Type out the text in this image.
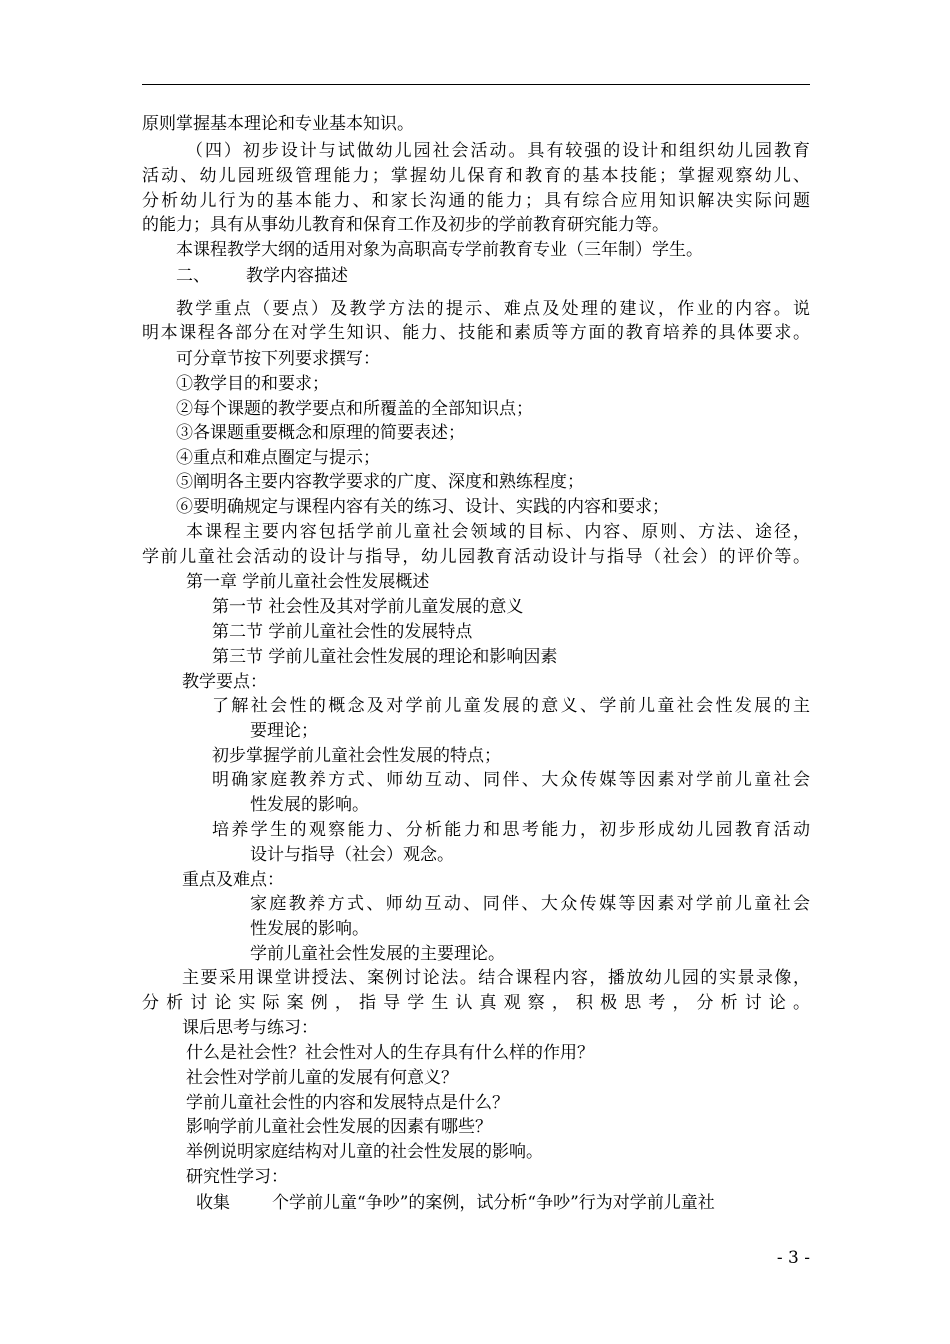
原则掌握基本理论和专业基本知识。
（四）初步设计与试做幼儿园社会活动。具有较强的设计和组织幼儿园教育
活动、幼儿园班级管理能力；掌握幼儿保育和教育的基本技能；掌握观察幼儿、
分析幼儿行为的基本能力、和家长沟通的能力；具有综合应用知识解决实际问题
的能力；具有从事幼儿教育和保育工作及初步的学前教育研究能力等。
本课程教学大纲的适用对象为高职高专学前教育专业（三年制）学生。
二、 教学内容描述
教学重点（要点）及教学方法的提示、难点及处理的建议，作业的内容。说
明本课程各部分在对学生知识、能力、技能和素质等方面的教育培养的具体要求。
可分章节按下列要求撰写：
①教学目的和要求；
②每个课题的教学要点和所覆盖的全部知识点；
③各课题重要概念和原理的简要表述；
④重点和难点圈定与提示；
⑤阐明各主要内容教学要求的广度、深度和熟练程度；
⑥要明确规定与课程内容有关的练习、设计、实践的内容和要求；
本课程主要内容包括学前儿童社会领域的目标、内容、原则、方法、途径，
学前儿童社会活动的设计与指导，幼儿园教育活动设计与指导（社会）的评价等。
第一章 学前儿童社会性发展概述
第一节 社会性及其对学前儿童发展的意义
第二节 学前儿童社会性的发展特点
第三节 学前儿童社会性发展的理论和影响因素
教学要点：
了解社会性的概念及对学前儿童发展的意义、学前儿童社会性发展的主
要理论；
初步掌握学前儿童社会性发展的特点；
明确家庭教养方式、师幼互动、同伴、大众传媒等因素对学前儿童社会
性发展的影响。
培养学生的观察能力、分析能力和思考能力，初步形成幼儿园教育活动
设计与指导（社会）观念。
重点及难点：
家庭教养方式、师幼互动、同伴、大众传媒等因素对学前儿童社会
性发展的影响。
学前儿童社会性发展的主要理论。
主要采用课堂讲授法、案例讨论法。结合课程内容，播放幼儿园的实景录像，
分析讨论实际案例，指导学生认真观察，积极思考，分析讨论。
课后思考与练习：
什么是社会性？社会性对人的生存具有什么样的作用？
社会性对学前儿童的发展有何意义？
学前儿童社会性的内容和发展特点是什么？
影响学前儿童社会性发展的因素有哪些？
举例说明家庭结构对儿童的社会性发展的影响。
研究性学习：
收集 个学前儿童“争吵”的案例，试分析“争吵”行为对学前儿童社
- 3 -
